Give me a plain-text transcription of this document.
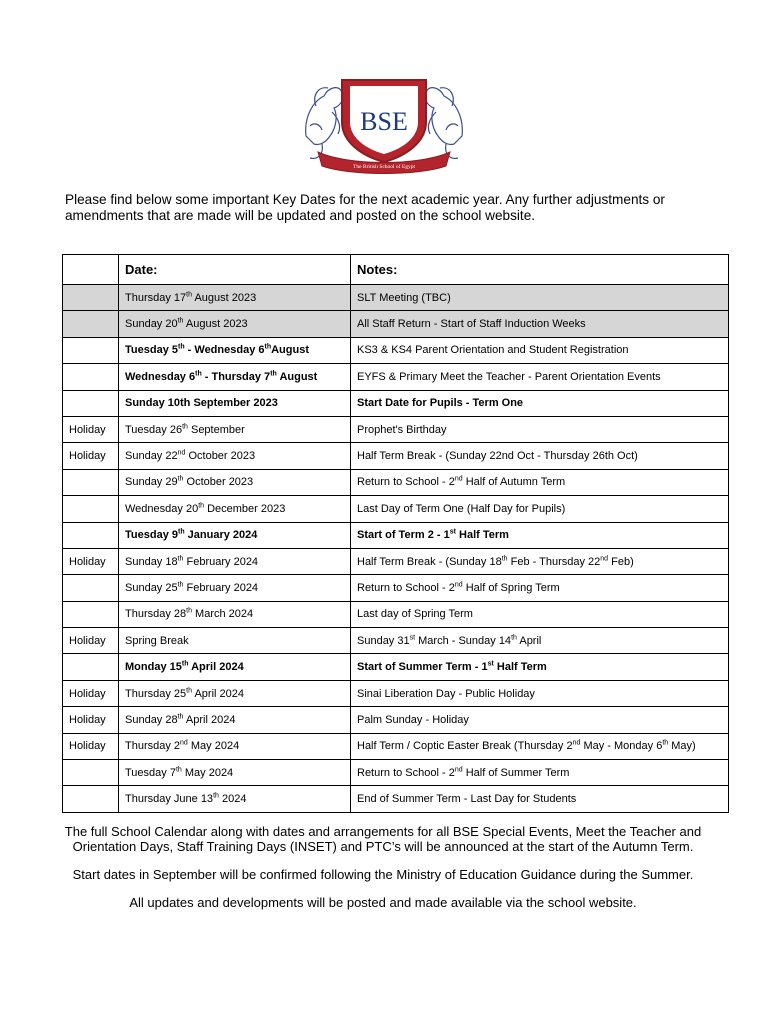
BSE
The British School of Egypt
Please find below some important Key Dates for the next academic year. Any further adjustments or amendments that are made will be updated and posted on the school website.
	Date:	Notes:
	Thursday 17th August 2023	SLT Meeting (TBC)
	Sunday 20th August 2023	All Staff Return - Start of Staff Induction Weeks
	Tuesday 5th - Wednesday 6thAugust	KS3 & KS4 Parent Orientation and Student Registration
	Wednesday 6th - Thursday 7th August	EYFS & Primary Meet the Teacher - Parent Orientation Events
	Sunday 10th September 2023	Start Date for Pupils - Term One
Holiday	Tuesday 26th September	Prophet's Birthday
Holiday	Sunday 22nd October 2023	Half Term Break - (Sunday 22nd Oct - Thursday 26th Oct)
	Sunday 29th October 2023	Return to School - 2nd Half of Autumn Term
	Wednesday 20th December 2023	Last Day of Term One (Half Day for Pupils)
	Tuesday 9th January 2024	Start of Term 2 - 1st Half Term
Holiday	Sunday 18th February 2024	Half Term Break - (Sunday 18th Feb - Thursday 22nd Feb)
	Sunday 25th February 2024	Return to School - 2nd Half of Spring Term
	Thursday 28th March 2024	Last day of Spring Term
Holiday	Spring Break	Sunday 31st March - Sunday 14th April
	Monday 15th April 2024	Start of Summer Term - 1st Half Term
Holiday	Thursday 25th April 2024	Sinai Liberation Day - Public Holiday
Holiday	Sunday 28th April 2024	Palm Sunday - Holiday
Holiday	Thursday 2nd May 2024	Half Term / Coptic Easter Break (Thursday 2nd May - Monday 6th May)
	Tuesday 7th May 2024	Return to School - 2nd Half of Summer Term
	Thursday June 13th 2024	End of Summer Term - Last Day for Students

The full School Calendar along with dates and arrangements for all BSE Special Events, Meet the Teacher and Orientation Days, Staff Training Days (INSET) and PTC’s will be announced at the start of the Autumn Term.

Start dates in September will be confirmed following the Ministry of Education Guidance during the Summer.

All updates and developments will be posted and made available via the school website.
